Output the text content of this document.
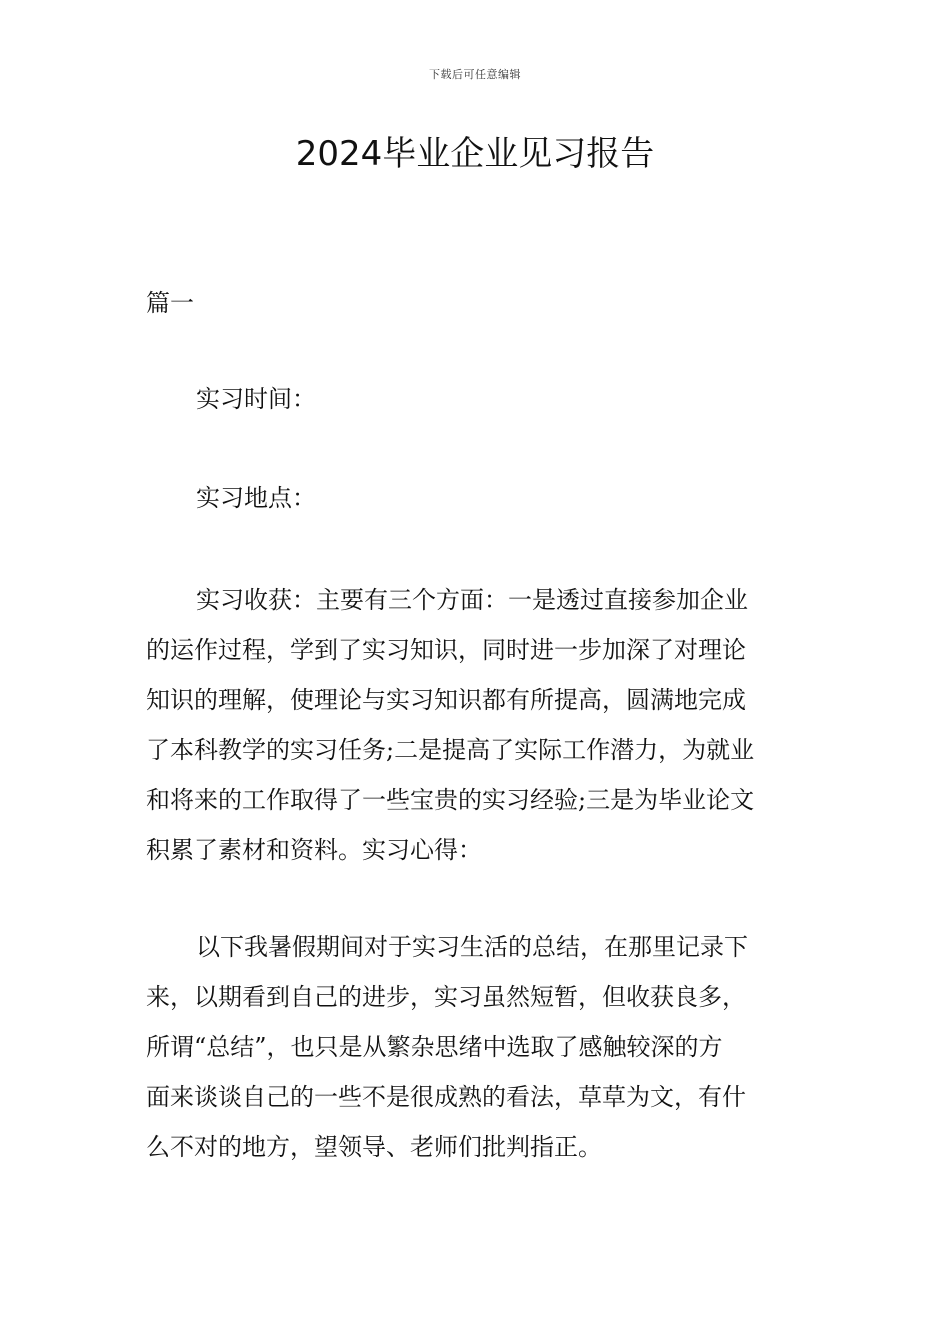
下载后可任意编辑
2024毕业企业见习报告

篇一

实习时间：

实习地点：

实习收获：主要有三个方面：一是透过直接参加企业
的运作过程，学到了实习知识，同时进一步加深了对理论
知识的理解，使理论与实习知识都有所提高，圆满地完成
了本科教学的实习任务;二是提高了实际工作潜力，为就业
和将来的工作取得了一些宝贵的实习经验;三是为毕业论文
积累了素材和资料。实习心得：
以下我暑假期间对于实习生活的总结，在那里记录下
来，以期看到自己的进步，实习虽然短暂，但收获良多，
所谓“总结”，也只是从繁杂思绪中选取了感触较深的方
面来谈谈自己的一些不是很成熟的看法，草草为文，有什
么不对的地方，望领导、老师们批判指正。
